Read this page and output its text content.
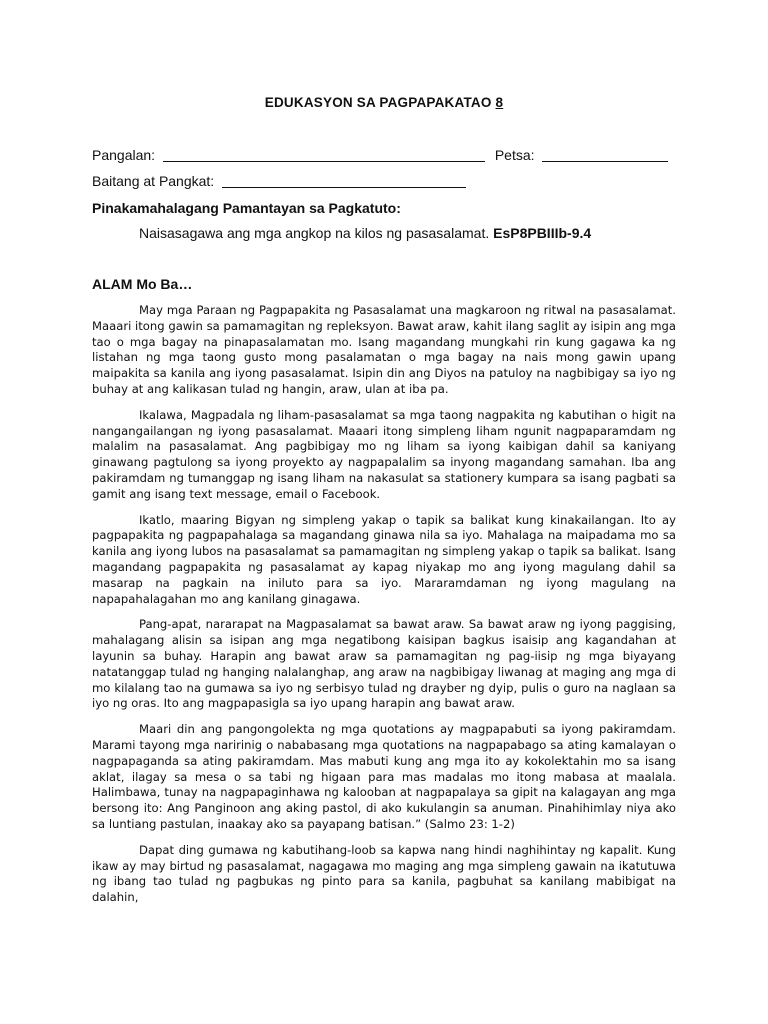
EDUKASYON SA PAGPAPAKATAO 8
Pangalan:	Petsa:
Baitang at Pangkat:
Pinakamahalagang Pamantayan sa Pagkatuto:
Naisasagawa ang mga angkop na kilos ng pasasalamat. EsP8PBIIIb-9.4
ALAM Mo Ba…

May mga Paraan ng Pagpapakita ng Pasasalamat una magkaroon ng ritwal na pasasalamat. Maaari itong gawin sa pamamagitan ng repleksyon. Bawat araw, kahit ilang saglit ay isipin ang mga tao o mga bagay na pinapasalamatan mo. Isang magandang mungkahi rin kung gagawa ka ng listahan ng mga taong gusto mong pasalamatan o mga bagay na nais mong gawin upang maipakita sa kanila ang iyong pasasalamat. Isipin din ang Diyos na patuloy na nagbibigay sa iyo ng buhay at ang kalikasan tulad ng hangin, araw, ulan at iba pa.

Ikalawa, Magpadala ng liham-pasasalamat sa mga taong nagpakita ng kabutihan o higit na nangangailangan ng iyong pasasalamat. Maaari itong simpleng liham ngunit nagpaparamdam ng malalim na pasasalamat. Ang pagbibigay mo ng liham sa iyong kaibigan dahil sa kaniyang ginawang pagtulong sa iyong proyekto ay nagpapalalim sa inyong magandang samahan. Iba ang pakiramdam ng tumanggap ng isang liham na nakasulat sa stationery kumpara sa isang pagbati sa gamit ang isang text message, email o Facebook.

Ikatlo, maaring Bigyan ng simpleng yakap o tapik sa balikat kung kinakailangan. Ito ay pagpapakita ng pagpapahalaga sa magandang ginawa nila sa iyo. Mahalaga na maipadama mo sa kanila ang iyong lubos na pasasalamat sa pamamagitan ng simpleng yakap o tapik sa balikat. Isang magandang pagpapakita ng pasasalamat ay kapag niyakap mo ang iyong magulang dahil sa masarap na pagkain na iniluto para sa iyo. Mararamdaman ng iyong magulang na napapahalagahan mo ang kanilang ginagawa.

Pang-apat, nararapat na Magpasalamat sa bawat araw. Sa bawat araw ng iyong paggising, mahalagang alisin sa isipan ang mga negatibong kaisipan bagkus isaisip ang kagandahan at layunin sa buhay. Harapin ang bawat araw sa pamamagitan ng pag-iisip ng mga biyayang natatanggap tulad ng hanging nalalanghap, ang araw na nagbibigay liwanag at maging ang mga di mo kilalang tao na gumawa sa iyo ng serbisyo tulad ng drayber ng dyip, pulis o guro na naglaan sa iyo ng oras. Ito ang magpapasigla sa iyo upang harapin ang bawat araw.

Maari din ang pangongolekta ng mga quotations ay magpapabuti sa iyong pakiramdam. Marami tayong mga naririnig o nababasang mga quotations na nagpapabago sa ating kamalayan o nagpapaganda sa ating pakiramdam. Mas mabuti kung ang mga ito ay kokolektahin mo sa isang aklat, ilagay sa mesa o sa tabi ng higaan para mas madalas mo itong mabasa at maalala. Halimbawa, tunay na nagpapaginhawa ng kalooban at nagpapalaya sa gipit na kalagayan ang mga bersong ito: Ang Panginoon ang aking pastol, di ako kukulangin sa anuman. Pinahihimlay niya ako sa luntiang pastulan, inaakay ako sa payapang batisan.” (Salmo 23: 1-2)

Dapat ding gumawa ng kabutihang-loob sa kapwa nang hindi naghihintay ng kapalit. Kung ikaw ay may birtud ng pasasalamat, nagagawa mo maging ang mga simpleng gawain na ikatutuwa ng ibang tao tulad ng pagbukas ng pinto para sa kanila, pagbuhat sa kanilang mabibigat na dalahin,
